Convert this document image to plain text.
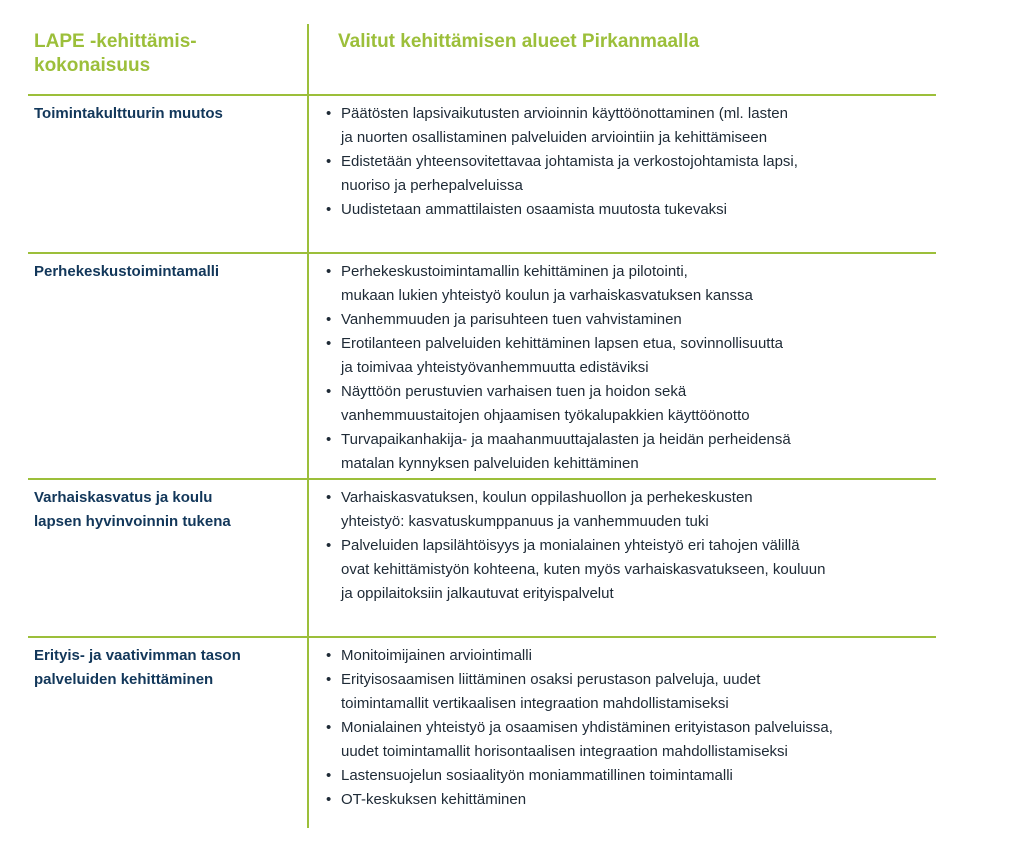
LAPE -kehittämis-
kokonaisuus
Valitut kehittämisen alueet Pirkanmaalla
Toimintakulttuurin muutos	• Päätösten lapsivaikutusten arvioinnin käyttöönottaminen (ml. lasten
ja nuorten osallistaminen palveluiden arviointiin ja kehittämiseen
• Edistetään yhteensovitettavaa johtamista ja verkostojohtamista lapsi,
nuoriso ja perhepalveluissa
• Uudistetaan ammattilaisten osaamista muutosta tukevaksi
Perhekeskustoimintamalli	• Perhekeskustoimintamallin kehittäminen ja pilotointi,
mukaan lukien yhteistyö koulun ja varhaiskasvatuksen kanssa
• Vanhemmuuden ja parisuhteen tuen vahvistaminen
• Erotilanteen palveluiden kehittäminen lapsen etua, sovinnollisuutta
ja toimivaa yhteistyövanhemmuutta edistäviksi
• Näyttöön perustuvien varhaisen tuen ja hoidon sekä
vanhemmuustaitojen ohjaamisen työkalupakkien käyttöönotto
• Turvapaikanhakija- ja maahanmuuttajalasten ja heidän perheidensä
matalan kynnyksen palveluiden kehittäminen
Varhaiskasvatus ja koulu
lapsen hyvinvoinnin tukena
• Varhaiskasvatuksen, koulun oppilashuollon ja perhekeskusten
yhteistyö: kasvatuskumppanuus ja vanhemmuuden tuki
• Palveluiden lapsilähtöisyys ja monialainen yhteistyö eri tahojen välillä
ovat kehittämistyön kohteena, kuten myös varhaiskasvatukseen, kouluun
ja oppilaitoksiin jalkautuvat erityispalvelut
Erityis- ja vaativimman tason
palveluiden kehittäminen
• Monitoimijainen arviointimalli
• Erityisosaamisen liittäminen osaksi perustason palveluja, uudet
toimintamallit vertikaalisen integraation mahdollistamiseksi
• Monialainen yhteistyö ja osaamisen yhdistäminen erityistason palveluissa,
uudet toimintamallit horisontaalisen integraation mahdollistamiseksi
• Lastensuojelun sosiaalityön moniammatillinen toimintamalli
• OT-keskuksen kehittäminen
